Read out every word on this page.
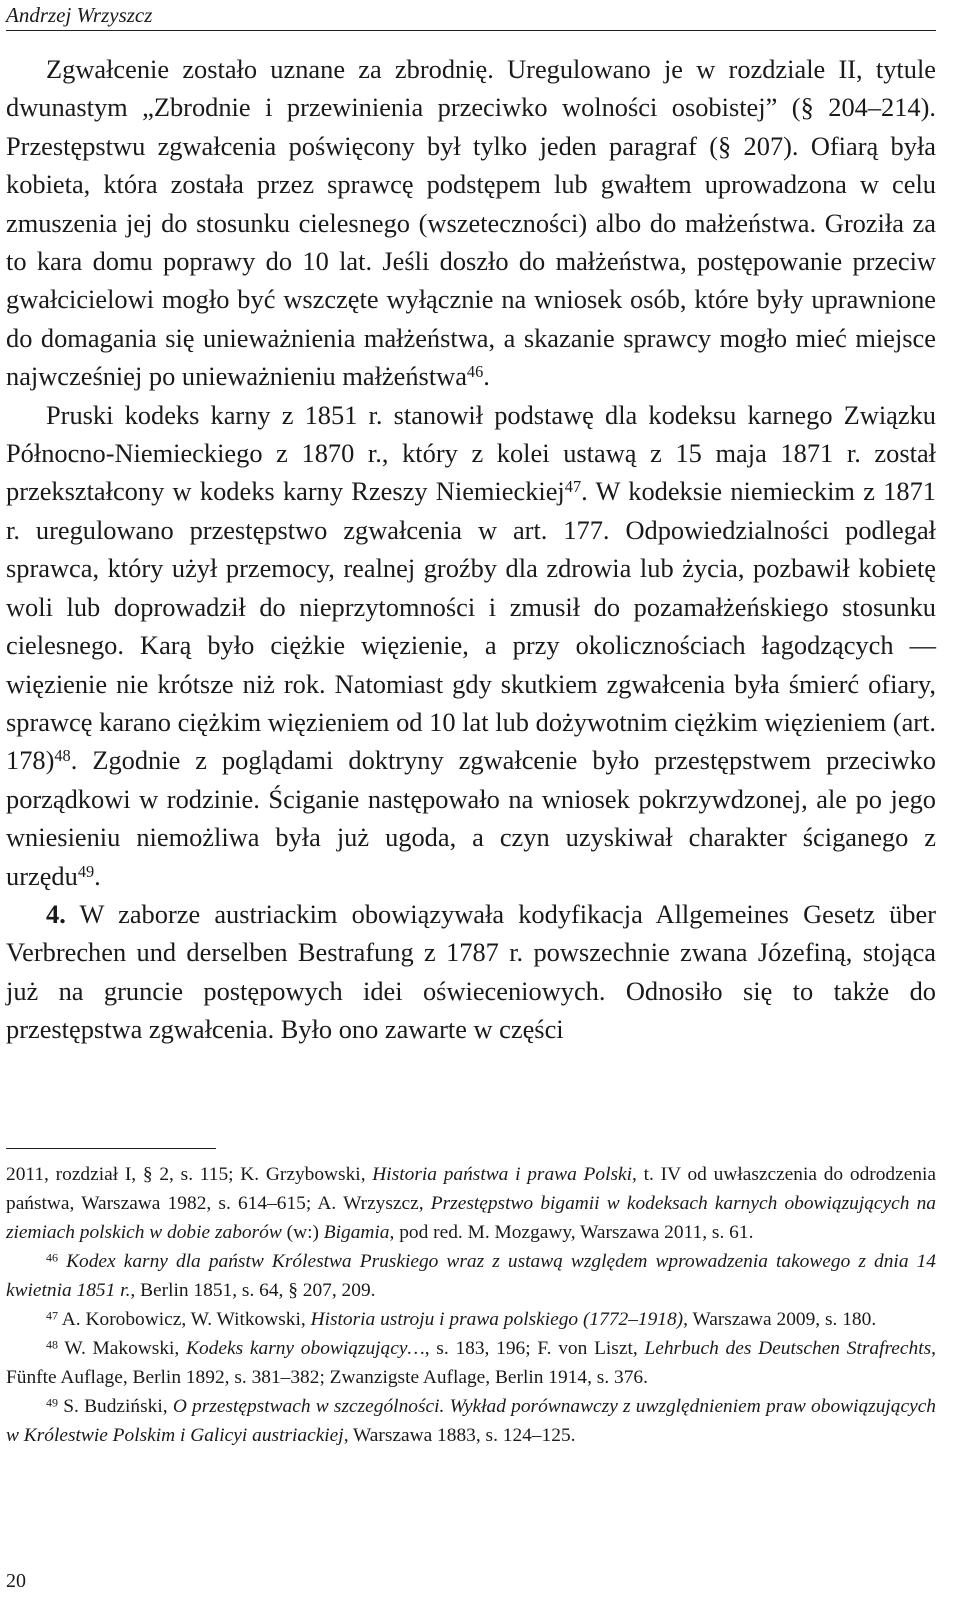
Andrzej Wrzyszcz

Zgwałcenie zostało uznane za zbrodnię. Uregulowano je w rozdziale II, tytule dwunastym „Zbrodnie i przewinienia przeciwko wolności osobistej” (§ 204–214). Przestępstwu zgwałcenia poświęcony był tylko jeden paragraf (§ 207). Ofiarą była kobieta, która została przez sprawcę podstępem lub gwałtem uprowadzona w celu zmuszenia jej do stosunku cielesnego (wszeteczności) albo do małżeństwa. Groziła za to kara domu poprawy do 10 lat. Jeśli doszło do małżeństwa, postępowanie przeciw gwałcicielowi mogło być wszczęte wyłącznie na wniosek osób, które były uprawnione do domagania się unieważnienia małżeństwa, a skazanie sprawcy mogło mieć miejsce najwcześniej po unieważnieniu małżeństwa$^{46}$.

Pruski kodeks karny z 1851 r. stanowił podstawę dla kodeksu karnego Związku Północno-Niemieckiego z 1870 r., który z kolei ustawą z 15 maja 1871 r. został przekształcony w kodeks karny Rzeszy Niemieckiej$^{47}$. W kodeksie niemieckim z 1871 r. uregulowano przestępstwo zgwałcenia w art. 177. Odpowiedzialności podlegał sprawca, który użył przemocy, realnej groźby dla zdrowia lub życia, pozbawił kobietę woli lub doprowadził do nieprzytomności i zmusił do pozamałżeńskiego stosunku cielesnego. Karą było ciężkie więzienie, a przy okolicznościach łagodzących — więzienie nie krótsze niż rok. Natomiast gdy skutkiem zgwałcenia była śmierć ofiary, sprawcę karano ciężkim więzieniem od 10 lat lub dożywotnim ciężkim więzieniem (art. 178)$^{48}$. Zgodnie z poglądami doktryny zgwałcenie było przestępstwem przeciwko porządkowi w rodzinie. Ściganie następowało na wniosek pokrzywdzonej, ale po jego wniesieniu niemożliwa była już ugoda, a czyn uzyskiwał charakter ściganego z urzędu$^{49}$.

4. W zaborze austriackim obowiązywała kodyfikacja Allgemeines Gesetz über Verbrechen und derselben Bestrafung z 1787 r. powszechnie zwana Józefiną, stojąca już na gruncie postępowych idei oświeceniowych. Odnosiło się to także do przestępstwa zgwałcenia. Było ono zawarte w części

2011, rozdział I, § 2, s. 115; K. Grzybowski, Historia państwa i prawa Polski, t. IV od uwłaszczenia do odrodzenia państwa, Warszawa 1982, s. 614–615; A. Wrzyszcz, Przestępstwo bigamii w kodeksach karnych obowiązujących na ziemiach polskich w dobie zaborów (w:) Bigamia, pod red. M. Mozgawy, Warszawa 2011, s. 61.

$^{46}$ Kodex karny dla państw Królestwa Pruskiego wraz z ustawą względem wprowadzenia takowego z dnia 14 kwietnia 1851 r., Berlin 1851, s. 64, § 207, 209.

$^{47}$ A. Korobowicz, W. Witkowski, Historia ustroju i prawa polskiego (1772–1918), Warszawa 2009, s. 180.

$^{48}$ W. Makowski, Kodeks karny obowiązujący…, s. 183, 196; F. von Liszt, Lehrbuch des Deutschen Strafrechts, Fünfte Auflage, Berlin 1892, s. 381–382; Zwanzigste Auflage, Berlin 1914, s. 376.

$^{49}$ S. Budziński, O przestępstwach w szczególności. Wykład porównawczy z uwzględnieniem praw obowiązujących w Królestwie Polskim i Galicyi austriackiej, Warszawa 1883, s. 124–125.

20
